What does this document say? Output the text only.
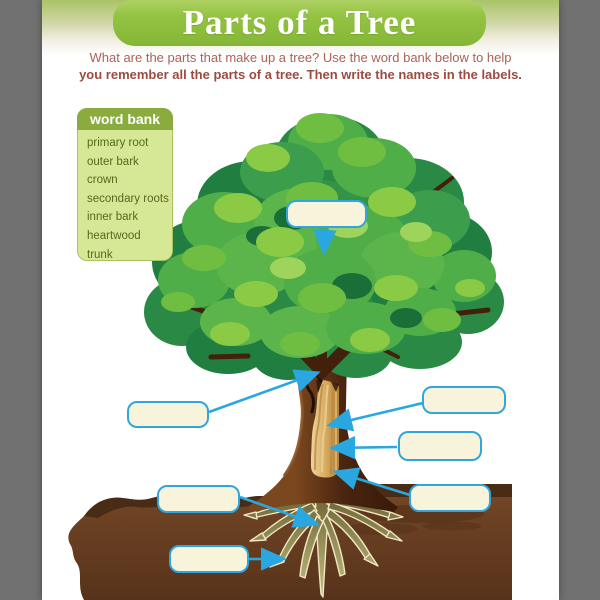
Parts of a Tree

What are the parts that make up a tree? Use the word bank below to help
you remember all the parts of a tree. Then write the names in the labels.

word bank
primary root
outer bark
crown
secondary roots
inner bark
heartwood
trunk
